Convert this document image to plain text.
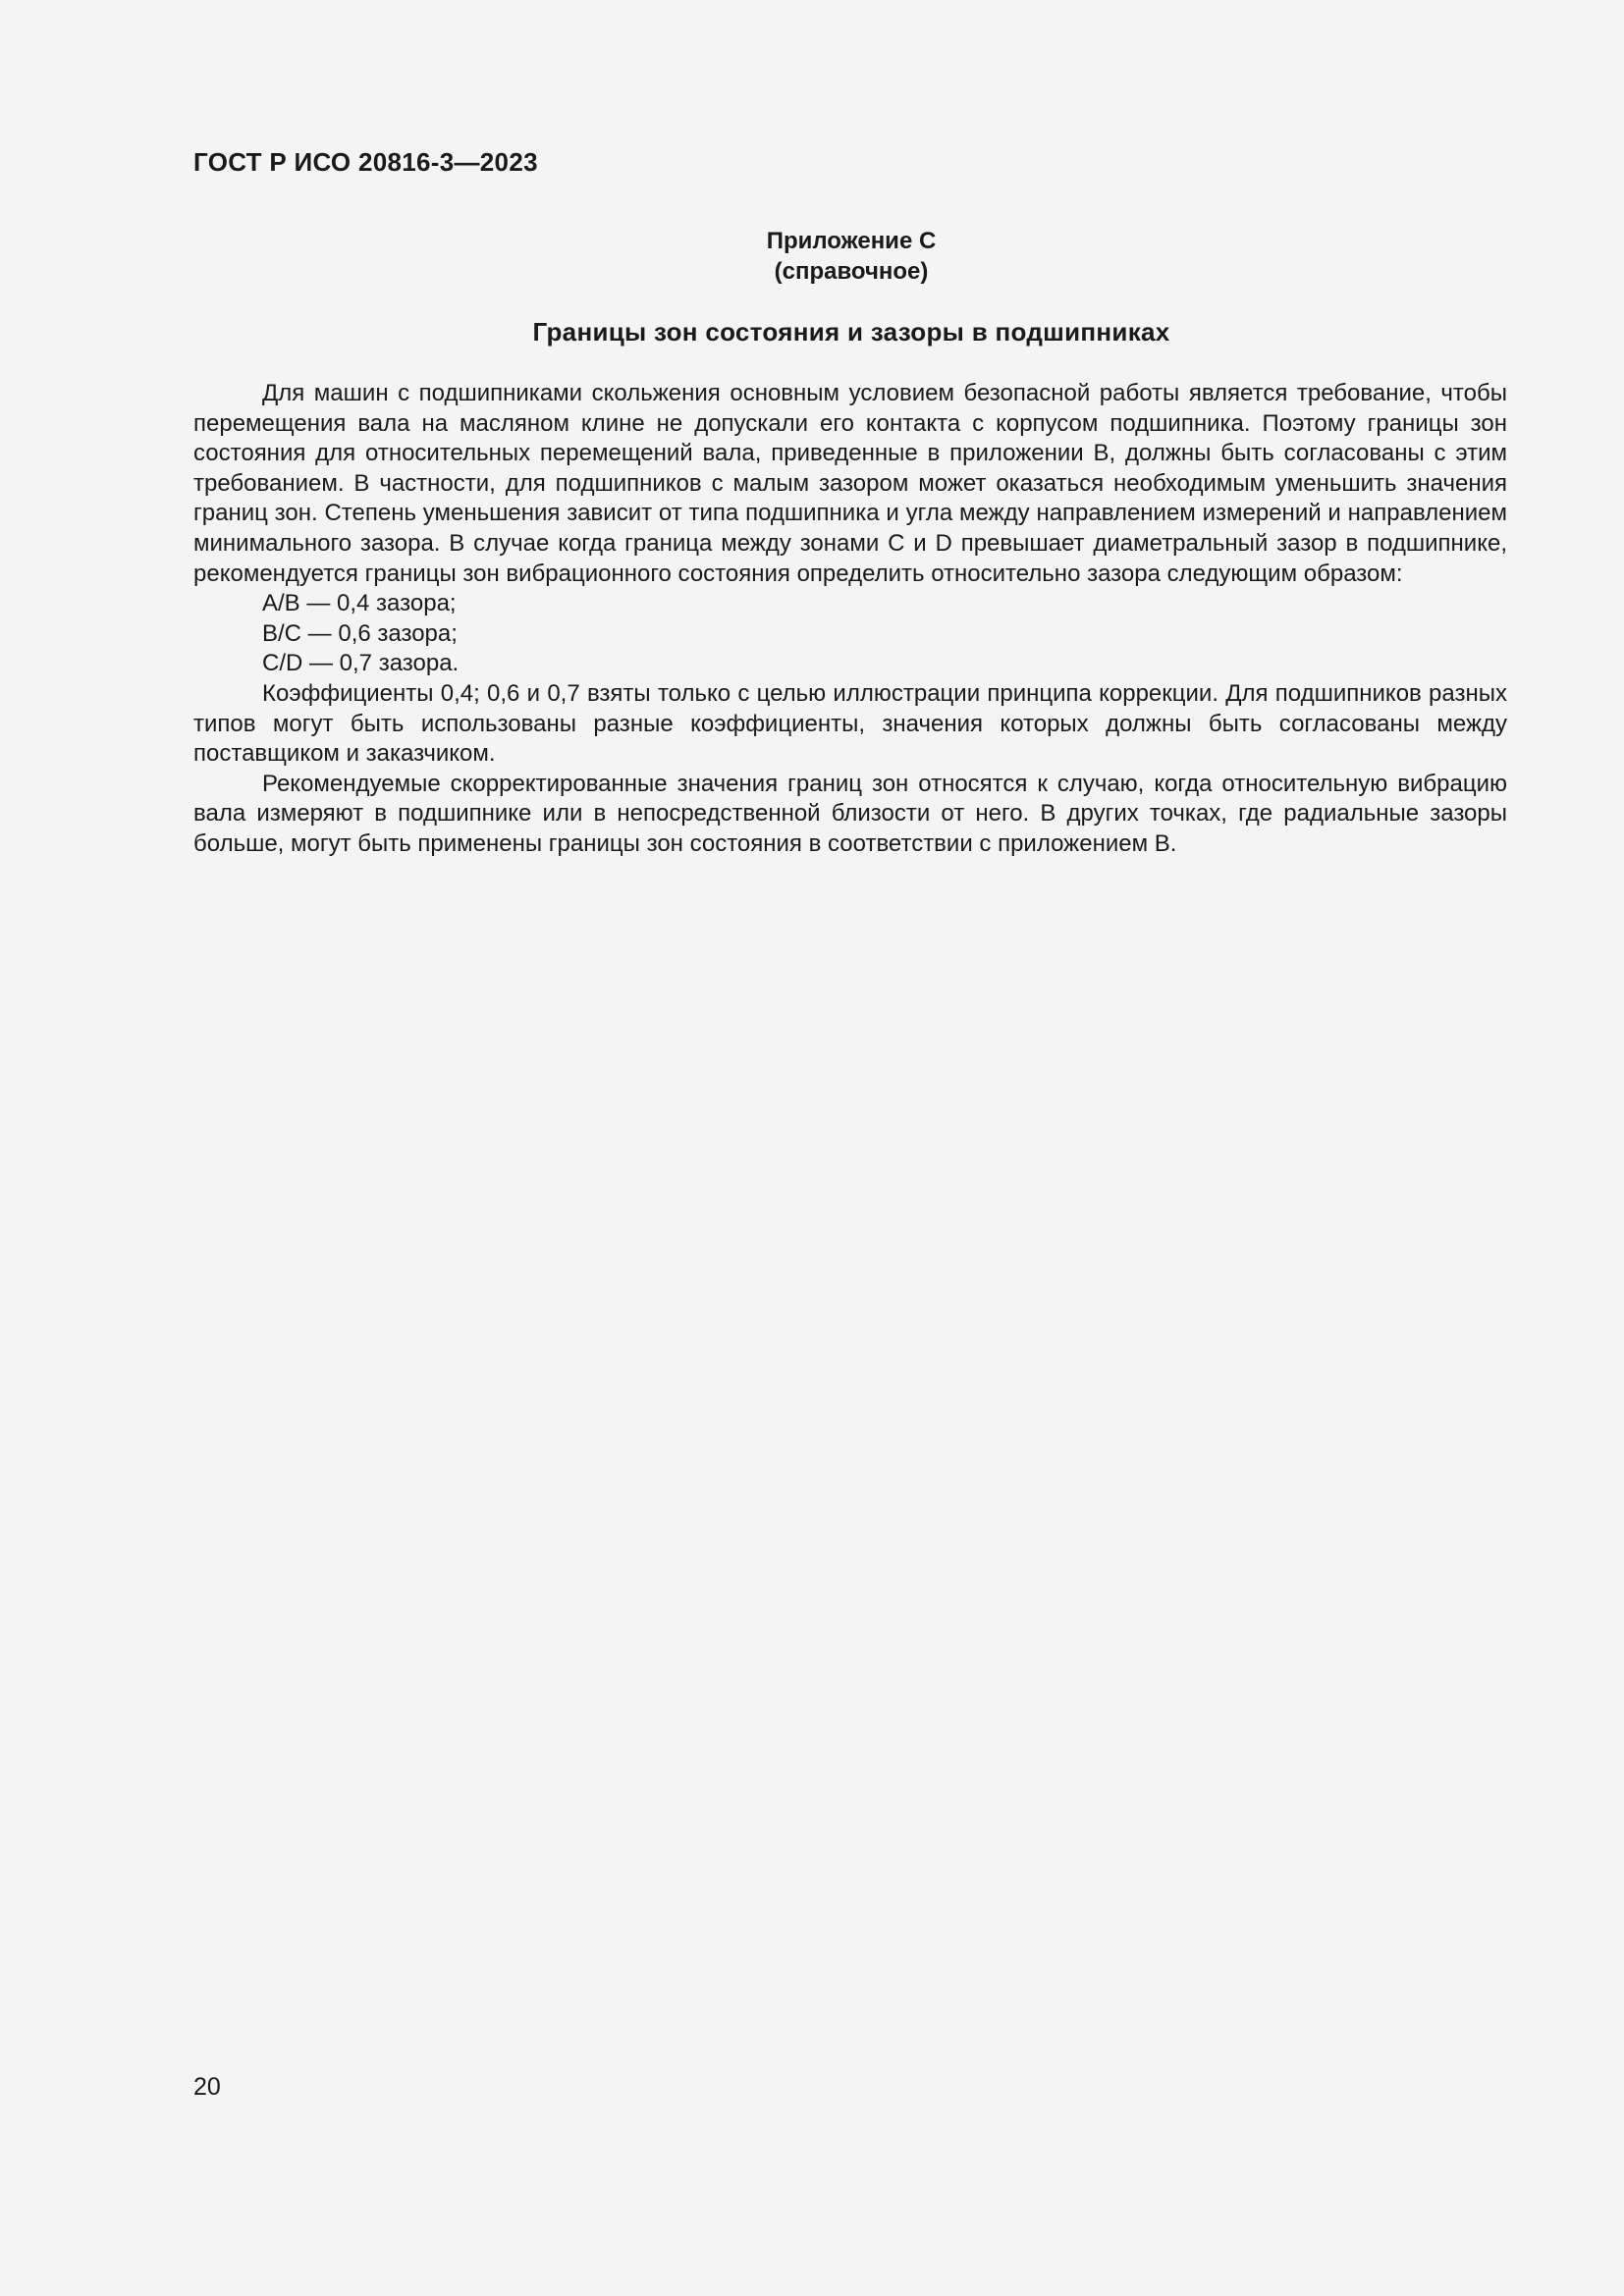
ГОСТ Р ИСО 20816-3—2023
Приложение С
(справочное)
Границы зон состояния и зазоры в подшипниках

Для машин с подшипниками скольжения основным условием безопасной работы является требование, чтобы перемещения вала на масляном клине не допускали его контакта с корпусом подшипника. Поэтому границы зон состояния для относительных перемещений вала, приведенные в приложении В, должны быть согласованы с этим требованием. В частности, для подшипников с малым зазором может оказаться необходимым уменьшить значения границ зон. Степень уменьшения зависит от типа подшипника и угла между направлением измерений и направлением минимального зазора. В случае когда граница между зонами С и D превышает диаметральный зазор в подшипнике, рекомендуется границы зон вибрационного состояния определить относительно зазора следующим образом:

А/В — 0,4 зазора;

В/С — 0,6 зазора;

С/D — 0,7 зазора.

Коэффициенты 0,4; 0,6 и 0,7 взяты только с целью иллюстрации принципа коррекции. Для подшипников разных типов могут быть использованы разные коэффициенты, значения которых должны быть согласованы между поставщиком и заказчиком.

Рекомендуемые скорректированные значения границ зон относятся к случаю, когда относительную вибрацию вала измеряют в подшипнике или в непосредственной близости от него. В других точках, где радиальные зазоры больше, могут быть применены границы зон состояния в соответствии с приложением В.

20
